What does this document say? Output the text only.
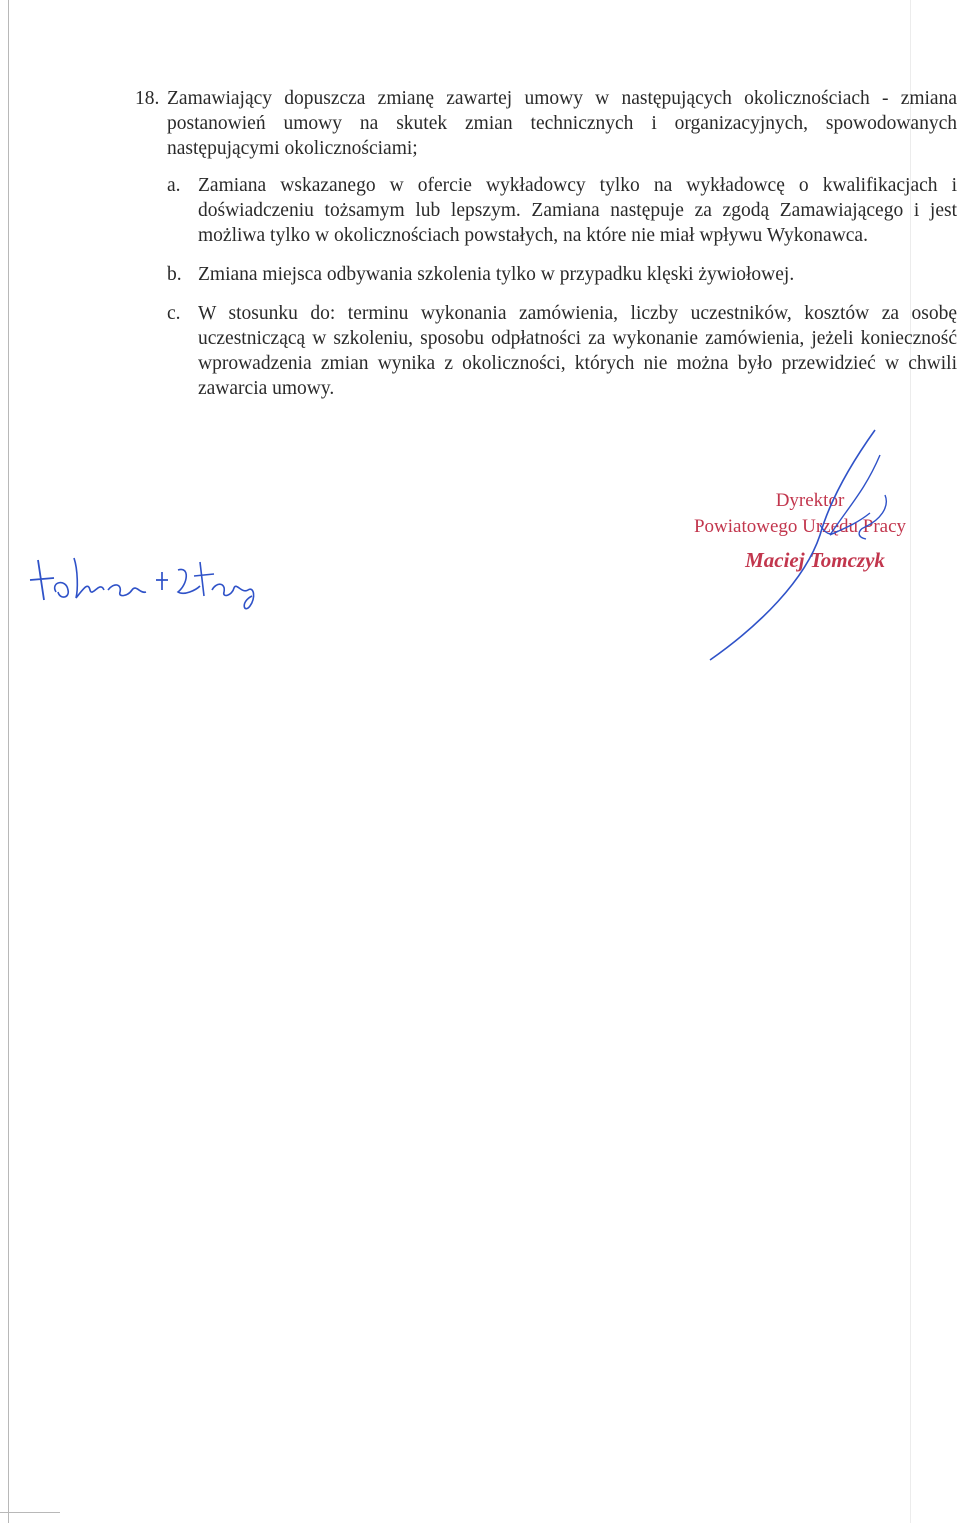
18. Zamawiający dopuszcza zmianę zawartej umowy w następujących okolicznościach - zmiana postanowień umowy na skutek zmian technicznych i organizacyjnych, spowodowanych następującymi okolicznościami;
a. Zamiana wskazanego w ofercie wykładowcy tylko na wykładowcę o kwalifikacjach i doświadczeniu tożsamym lub lepszym. Zamiana następuje za zgodą Zamawiającego i jest możliwa tylko w okolicznościach powstałych, na które nie miał wpływu Wykonawca.
b. Zmiana miejsca odbywania szkolenia tylko w przypadku klęski żywiołowej.
c. W stosunku do: terminu wykonania zamówienia, liczby uczestników, kosztów za osobę uczestniczącą w szkoleniu, sposobu odpłatności za wykonanie zamówienia, jeżeli konieczność wprowadzenia zmian wynika z okoliczności, których nie można było przewidzieć w chwili zawarcia umowy.
Dyrektor
Powiatowego Urzędu Pracy
Maciej Tomczyk
